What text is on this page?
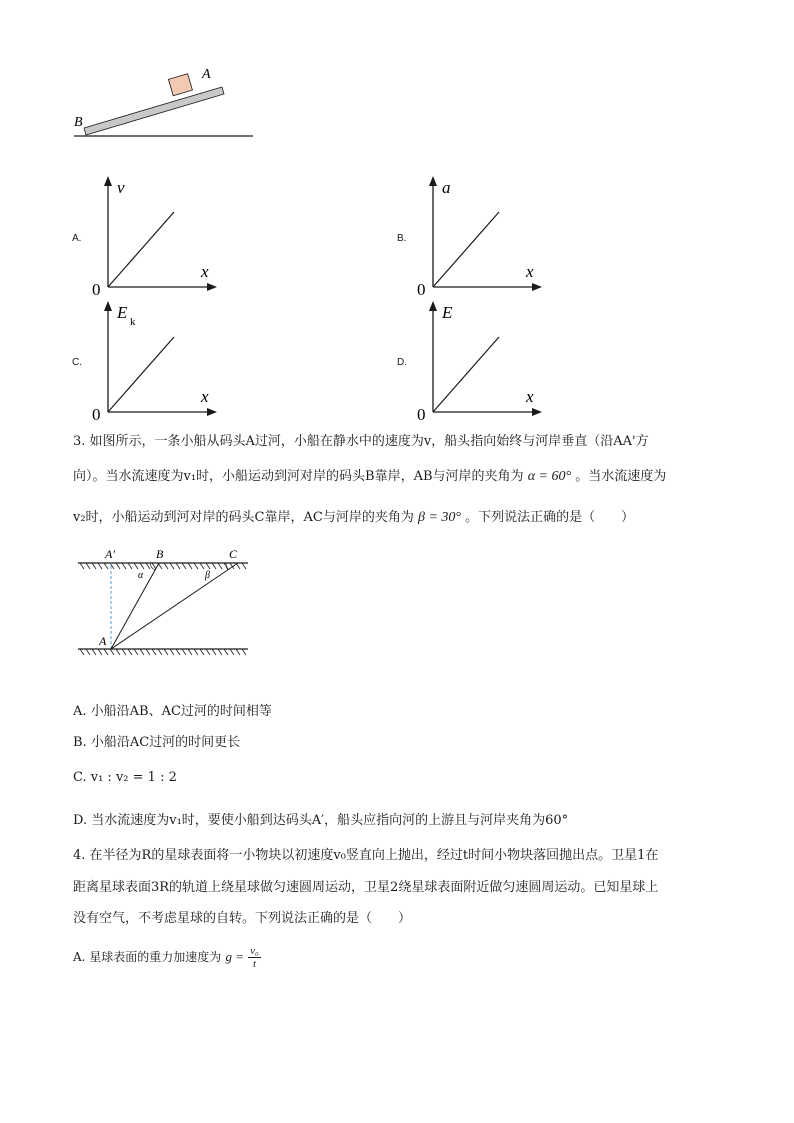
A
B
A.
v
x
0
B.
a
x
0
C.
E k
x
0
D.
E
x
0
3. 如图所示，一条小船从码头A过河，小船在静水中的速度为v，船头指向始终与河岸垂直（沿AA'方
向）。当水流速度为v₁时，小船运动到河对岸的码头B靠岸，AB与河岸的夹角为 α = 60° 。当水流速度为
v₂时，小船运动到河对岸的码头C靠岸，AC与河岸的夹角为 β = 30° 。下列说法正确的是（　　）
A′	B	C
α	β
A
A. 小船沿AB、AC过河的时间相等
B. 小船沿AC过河的时间更长
C. v₁ : v₂ = 1 : 2
D. 当水流速度为v₁时，要使小船到达码头A′，船头应指向河的上游且与河岸夹角为60°
4. 在半径为R的星球表面将一小物块以初速度v₀竖直向上抛出，经过t时间小物块落回抛出点。卫星1在
距离星球表面3R的轨道上绕星球做匀速圆周运动，卫星2绕星球表面附近做匀速圆周运动。已知星球上
没有空气，不考虑星球的自转。下列说法正确的是（　　）
A. 星球表面的重力加速度为 $g = \frac{\text{v₀}}{t}$
